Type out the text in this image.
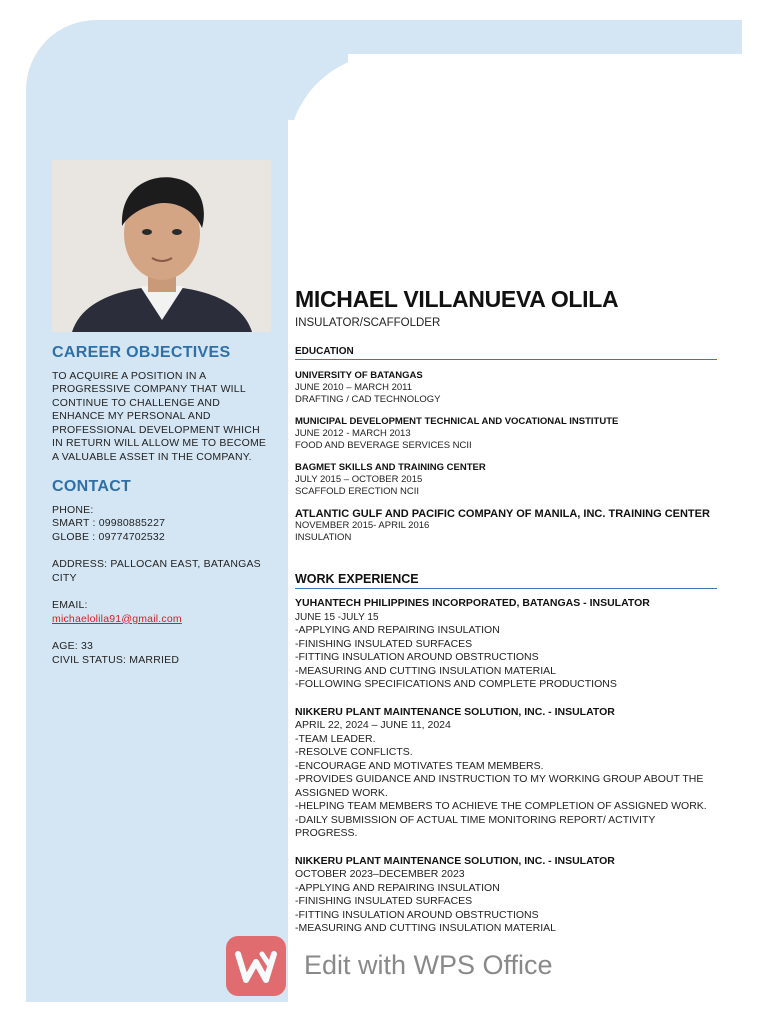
CAREER OBJECTIVES

TO ACQUIRE A POSITION IN A PROGRESSIVE COMPANY THAT WILL CONTINUE TO CHALLENGE AND ENHANCE MY PERSONAL AND PROFESSIONAL DEVELOPMENT WHICH IN RETURN WILL ALLOW ME TO BECOME A VALUABLE ASSET IN THE COMPANY.

CONTACT

PHONE:

SMART : 09980885227

GLOBE : 09774702532

ADDRESS: PALLOCAN EAST, BATANGAS CITY

EMAIL:

michaelolila91@gmail.com

AGE: 33

CIVIL STATUS: MARRIED

MICHAEL VILLANUEVA OLILA

INSULATOR/SCAFFOLDER

EDUCATION
UNIVERSITY OF BATANGAS
JUNE 2010 – MARCH 2011
DRAFTING / CAD TECHNOLOGY
MUNICIPAL DEVELOPMENT TECHNICAL AND VOCATIONAL INSTITUTE
JUNE 2012 - MARCH 2013
FOOD AND BEVERAGE SERVICES NCII
BAGMET SKILLS AND TRAINING CENTER
JULY 2015 – OCTOBER 2015
SCAFFOLD ERECTION NCII
ATLANTIC GULF AND PACIFIC COMPANY OF MANILA, INC. TRAINING CENTER
NOVEMBER 2015- APRIL 2016
INSULATION
WORK EXPERIENCE
YUHANTECH PHILIPPINES INCORPORATED, BATANGAS - INSULATOR
JUNE 15 -JULY 15
-APPLYING AND REPAIRING INSULATION
-FINISHING INSULATED SURFACES
-FITTING INSULATION AROUND OBSTRUCTIONS
-MEASURING AND CUTTING INSULATION MATERIAL
-FOLLOWING SPECIFICATIONS AND COMPLETE PRODUCTIONS
NIKKERU PLANT MAINTENANCE SOLUTION, INC. - INSULATOR
APRIL 22, 2024 – JUNE 11, 2024
-TEAM LEADER.
-RESOLVE CONFLICTS.
-ENCOURAGE AND MOTIVATES TEAM MEMBERS.
-PROVIDES GUIDANCE AND INSTRUCTION TO MY WORKING GROUP ABOUT THE ASSIGNED WORK.
-HELPING TEAM MEMBERS TO ACHIEVE THE COMPLETION OF ASSIGNED WORK.
-DAILY SUBMISSION OF ACTUAL TIME MONITORING REPORT/ ACTIVITY PROGRESS.
NIKKERU PLANT MAINTENANCE SOLUTION, INC. - INSULATOR
OCTOBER 2023–DECEMBER 2023
-APPLYING AND REPAIRING INSULATION
-FINISHING INSULATED SURFACES
-FITTING INSULATION AROUND OBSTRUCTIONS
-MEASURING AND CUTTING INSULATION MATERIAL
Edit with WPS Office
